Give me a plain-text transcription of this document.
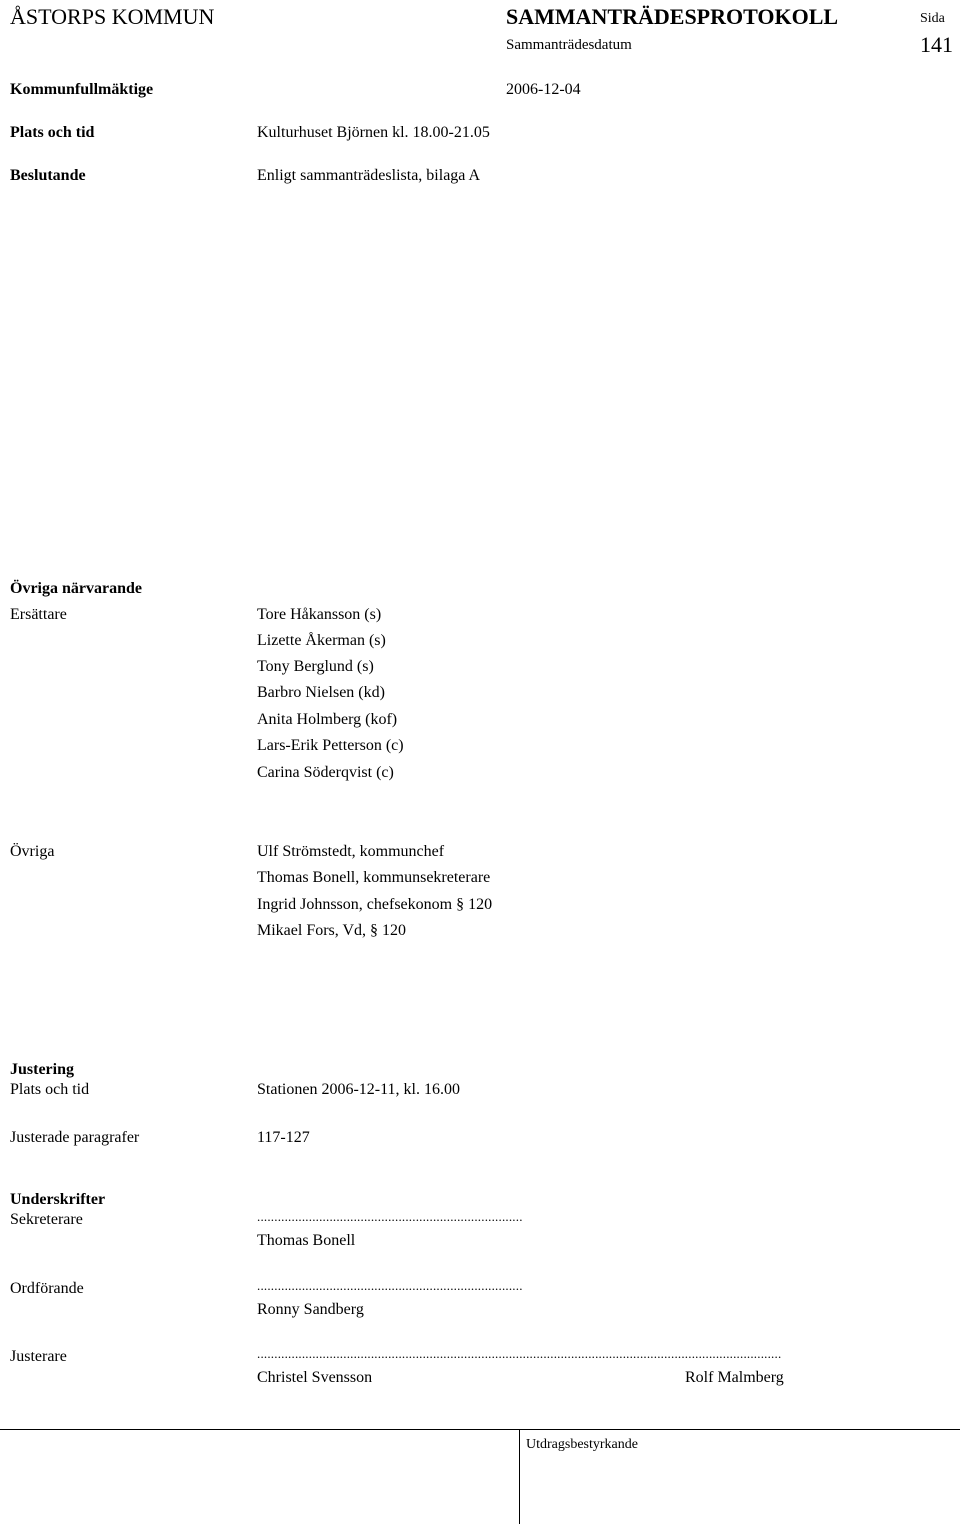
ÅSTORPS KOMMUN	SAMMANTRÄDESPROTOKOLL	Sida
Sammanträdesdatum	141
Kommunfullmäktige	2006-12-04
Plats och tid	Kulturhuset Björnen kl. 18.00-21.05
Beslutande	Enligt sammanträdeslista, bilaga A
Övriga närvarande
Ersättare	Tore Håkansson (s)
Lizette Åkerman (s)
Tony Berglund (s)
Barbro Nielsen (kd)
Anita Holmberg (kof)
Lars-Erik Petterson (c)
Carina Söderqvist (c)
Övriga	Ulf Strömstedt, kommunchef
Thomas Bonell, kommunsekreterare
Ingrid Johnsson, chefsekonom § 120
Mikael Fors, Vd, § 120
Justering
Plats och tid	Stationen 2006-12-11, kl. 16.00
Justerade paragrafer	117-127
Underskrifter
Sekreterare	.............................................................................
Thomas Bonell
Ordförande	.............................................................................
Ronny Sandberg
Justerare	........................................................................................................................................................
Christel Svensson	Rolf Malmberg
Utdragsbestyrkande
